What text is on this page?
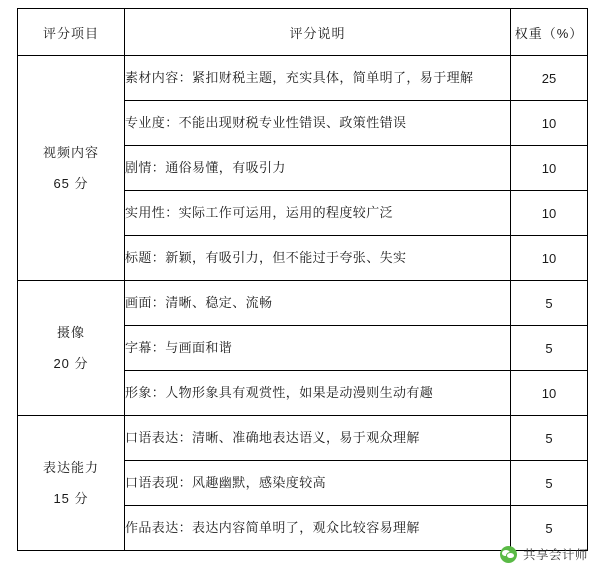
评分项目	评分说明	权重（%）

视频内容
65 分	素材内容：紧扣财税主题，充实具体，简单明了，易于理解	25
	专业度：不能出现财税专业性错误、政策性错误	10
	剧情：通俗易懂，有吸引力	10
	实用性：实际工作可运用，运用的程度较广泛	10
	标题：新颖，有吸引力，但不能过于夸张、失实	10

摄像
20 分	画面：清晰、稳定、流畅	5
	字幕：与画面和谐	5
	形象：人物形象具有观赏性，如果是动漫则生动有趣	10

表达能力
15 分	口语表达：清晰、准确地表达语义，易于观众理解	5
	口语表现：风趣幽默，感染度较高	5
	作品表达：表达内容简单明了，观众比较容易理解	5
共享会计师
